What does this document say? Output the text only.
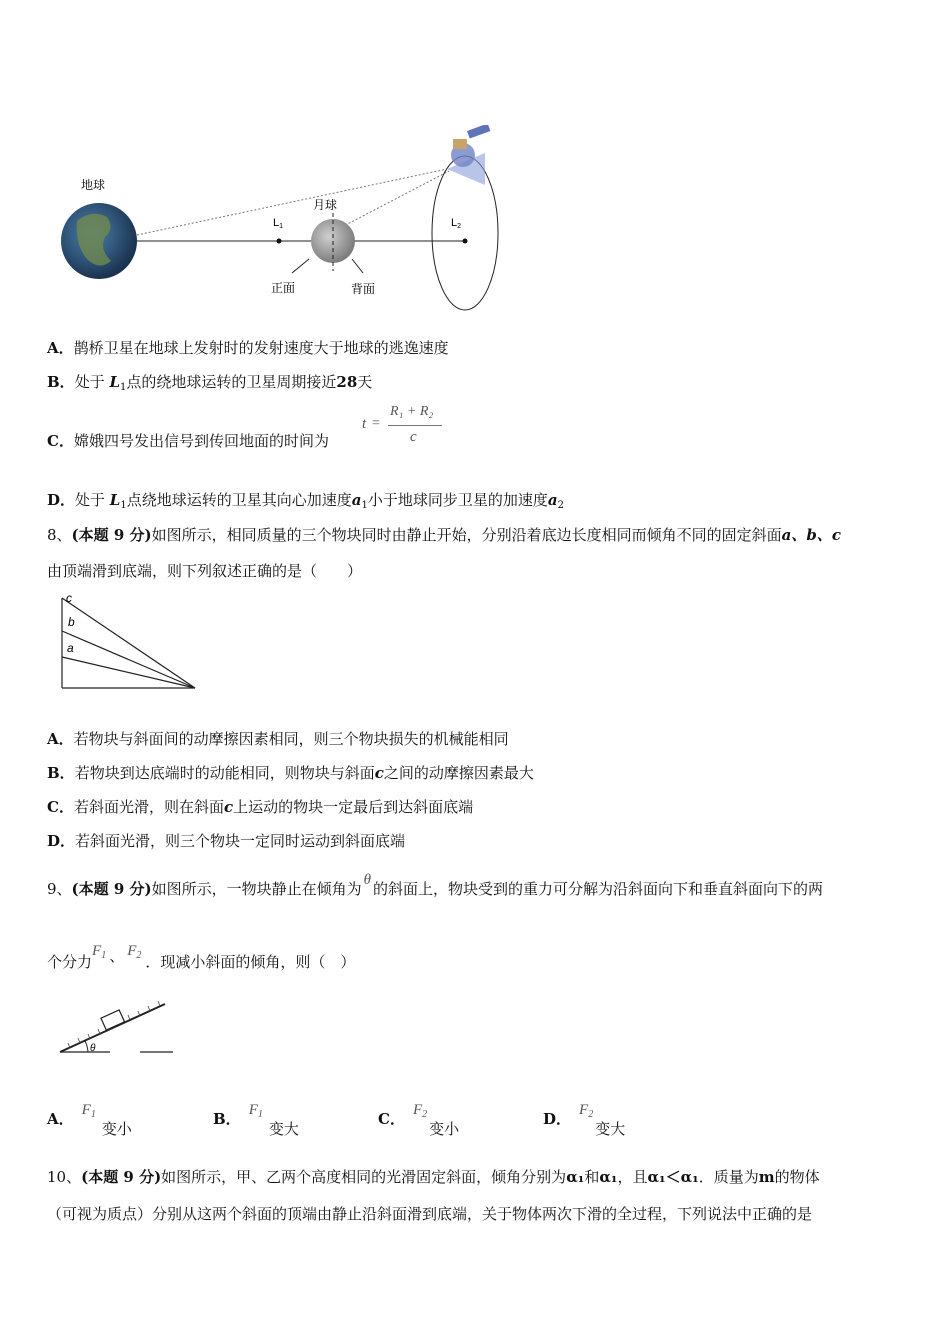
地球
L1
月球
正面	背面
L2
A．鹊桥卫星在地球上发射时的发射速度大于地球的逃逸速度
B．处于 $L_1$点的绕地球运转的卫星周期接近28天
C．嫦娥四号发出信号到传回地面的时间为
t =
R₁ + R₂
c
D．处于 $L_1$点绕地球运转的卫星其向心加速度$a_1$小于地球同步卫星的加速度$a_2$
8、(本题 9 分)如图所示，相同质量的三个物块同时由静止开始，分别沿着底边长度相同而倾角不同的固定斜面a、b、c
由顶端滑到底端，则下列叙述正确的是（　　）
c
b
a
A．若物块与斜面间的动摩擦因素相同，则三个物块损失的机械能相同
B．若物块到达底端时的动能相同，则物块与斜面c之间的动摩擦因素最大
C．若斜面光滑，则在斜面c上运动的物块一定最后到达斜面底端
D．若斜面光滑，则三个物块一定同时运动到斜面底端
9、(本题 9 分)如图所示，一物块静止在倾角为 θ 的斜面上，物块受到的重力可分解为沿斜面向下和垂直斜面向下的两
个分力$F^1$ 、 $F^2$ ．现减小斜面的倾角，则（　）
θ
A． $F^1$变小
B． $F^1$变大
C． $F^2$变小
D． $F^2$变大
10、(本题 9 分)如图所示，甲、乙两个高度相同的光滑固定斜面，倾角分别为α₁和α₁，且α₁＜α₁．质量为m的物体
（可视为质点）分别从这两个斜面的顶端由静止沿斜面滑到底端，关于物体两次下滑的全过程，下列说法中正确的是
